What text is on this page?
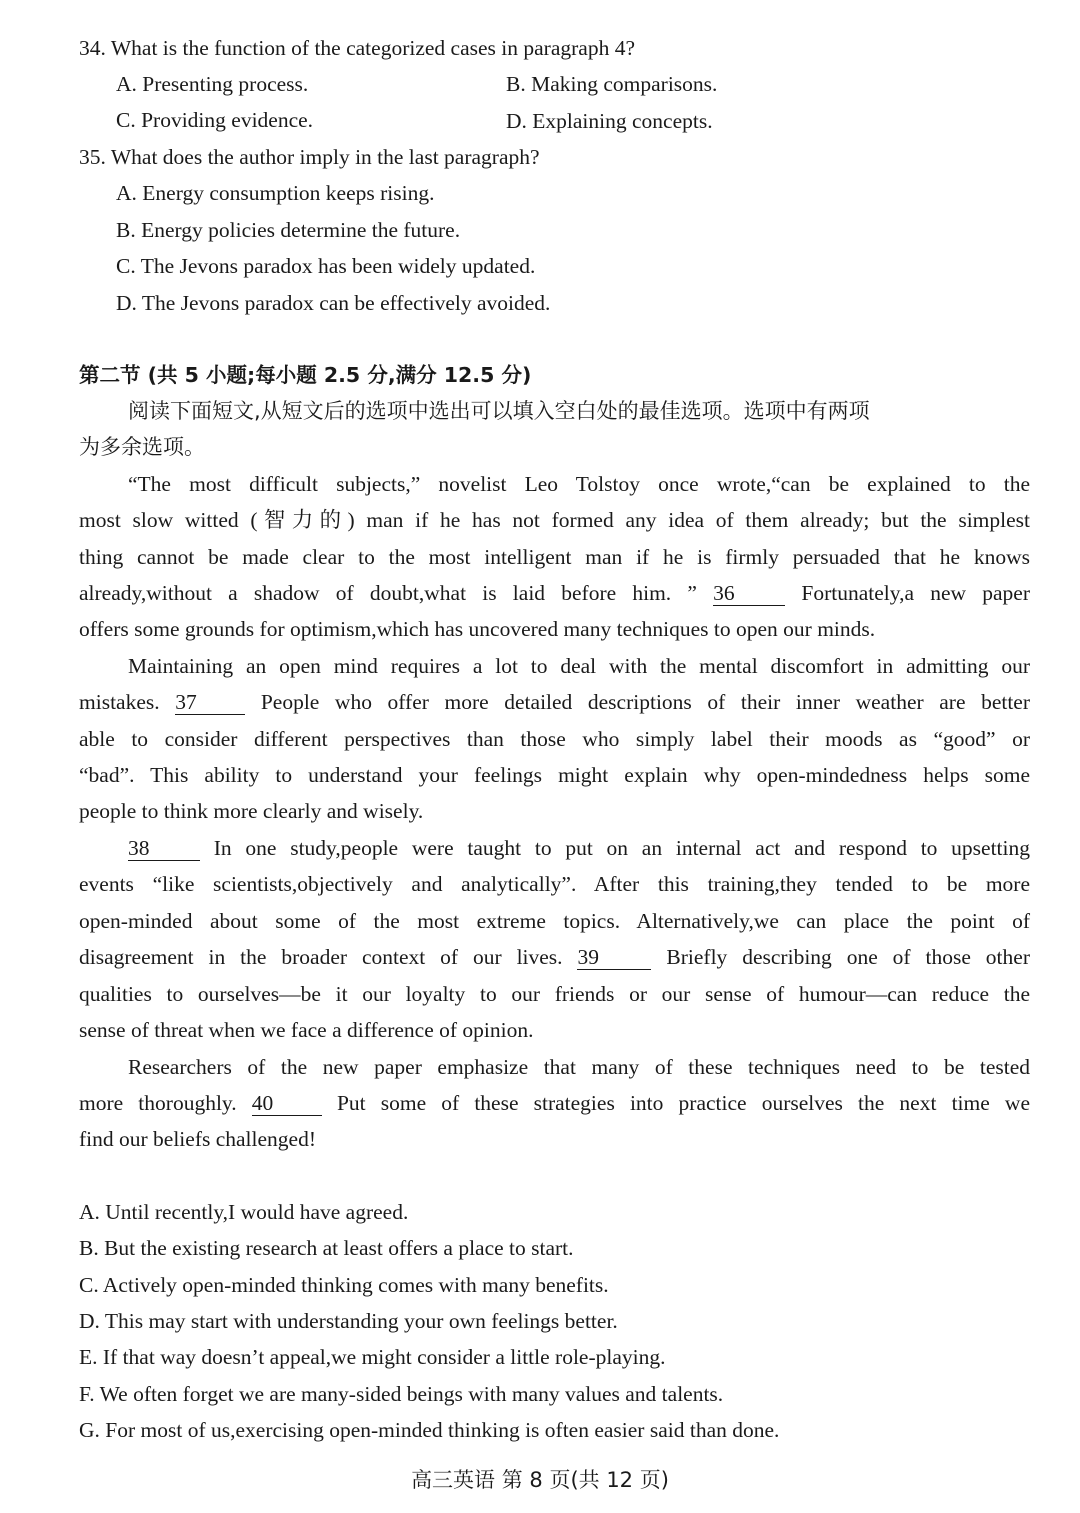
34. What is the function of the categorized cases in paragraph 4?
A. Presenting process.	B. Making comparisons.
C. Providing evidence.	D. Explaining concepts.
35. What does the author imply in the last paragraph?
A. Energy consumption keeps rising.
B. Energy policies determine the future.
C. The Jevons paradox has been widely updated.
D. The Jevons paradox can be effectively avoided.
第二节 (共 5 小题;每小题 2.5 分,满分 12.5 分)
阅读下面短文,从短文后的选项中选出可以填入空白处的最佳选项。选项中有两项
为多余选项。
“The most difficult subjects,” novelist Leo Tolstoy once wrote,“can be explained to the
most slow witted (智力的) man if he has not formed any idea of them already; but the simplest
thing cannot be made clear to the most intelligent man if he is firmly persuaded that he knows
already,without a shadow of doubt,what is laid before him. ” 36	Fortunately,a new paper
offers some grounds for optimism,which has uncovered many techniques to open our minds.
Maintaining an open mind requires a lot to deal with the mental discomfort in admitting our
mistakes. 37	People who offer more detailed descriptions of their inner weather are better
able to consider different perspectives than those who simply label their moods as “good” or
“bad”. This ability to understand your feelings might explain why open-mindedness helps some
people to think more clearly and wisely.
38	In one study,people were taught to put on an internal act and respond to upsetting
events “like scientists,objectively and analytically”. After this training,they tended to be more
open-minded about some of the most extreme topics. Alternatively,we can place the point of
disagreement in the broader context of our lives. 39	Briefly describing one of those other
qualities to ourselves—be it our loyalty to our friends or our sense of humour—can reduce the
sense of threat when we face a difference of opinion.
Researchers of the new paper emphasize that many of these techniques need to be tested
more thoroughly. 40	Put some of these strategies into practice ourselves the next time we
find our beliefs challenged!
A. Until recently,I would have agreed.
B. But the existing research at least offers a place to start.
C. Actively open-minded thinking comes with many benefits.
D. This may start with understanding your own feelings better.
E. If that way doesn’t appeal,we might consider a little role-playing.
F. We often forget we are many-sided beings with many values and talents.
G. For most of us,exercising open-minded thinking is often easier said than done.
高三英语 第 8 页(共 12 页)
